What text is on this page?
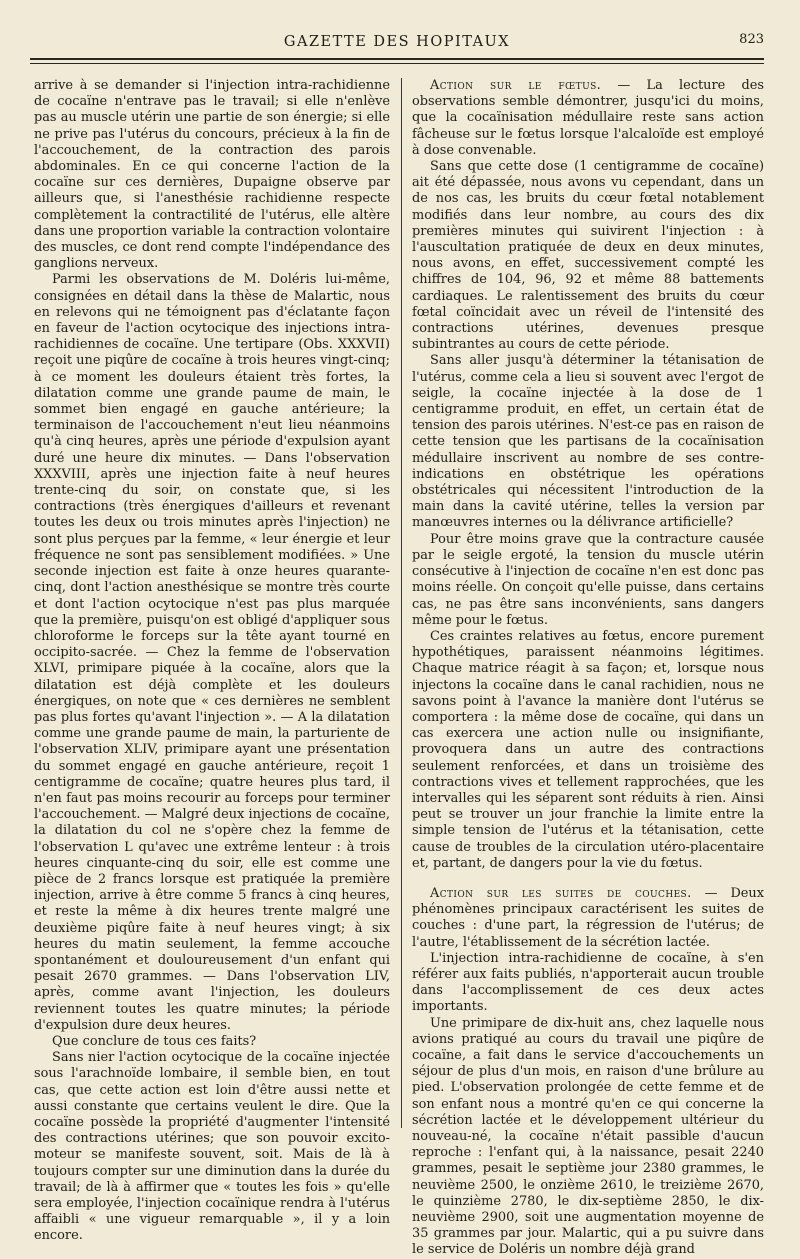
GAZETTE DES HOPITAUX	823

arrive à se demander si l'injection intra-rachidienne de cocaïne n'entrave pas le travail; si elle n'enlève pas au muscle utérin une partie de son énergie; si elle ne prive pas l'utérus du concours, précieux à la fin de l'accouchement, de la contraction des parois abdominales. En ce qui concerne l'action de la cocaïne sur ces dernières, Dupaigne observe par ailleurs que, si l'anesthésie rachidienne respecte complètement la contractilité de l'utérus, elle altère dans une proportion variable la contraction volontaire des muscles, ce dont rend compte l'indépendance des ganglions nerveux.

Parmi les observations de M. Doléris lui-même, consignées en détail dans la thèse de Malartic, nous en relevons qui ne témoignent pas d'éclatante façon en faveur de l'action ocytocique des injections intra-rachidiennes de cocaïne. Une tertipare (Obs. XXXVII) reçoit une piqûre de cocaïne à trois heures vingt-cinq; à ce moment les douleurs étaient très fortes, la dilatation comme une grande paume de main, le sommet bien engagé en gauche antérieure; la terminaison de l'accouchement n'eut lieu néanmoins qu'à cinq heures, après une période d'expulsion ayant duré une heure dix minutes. — Dans l'observation XXXVIII, après une injection faite à neuf heures trente-cinq du soir, on constate que, si les contractions (très énergiques d'ailleurs et revenant toutes les deux ou trois minutes après l'injection) ne sont plus perçues par la femme, « leur énergie et leur fréquence ne sont pas sensiblement modifiées. » Une seconde injection est faite à onze heures quarante-cinq, dont l'action anesthésique se montre très courte et dont l'action ocytocique n'est pas plus marquée que la première, puisqu'on est obligé d'appliquer sous chloroforme le forceps sur la tête ayant tourné en occipito-sacrée. — Chez la femme de l'observation XLVI, primipare piquée à la cocaïne, alors que la dilatation est déjà complète et les douleurs énergiques, on note que « ces dernières ne semblent pas plus fortes qu'avant l'injection ». — A la dilatation comme une grande paume de main, la parturiente de l'observation XLIV, primipare ayant une présentation du sommet engagé en gauche antérieure, reçoit 1 centigramme de cocaïne; quatre heures plus tard, il n'en faut pas moins recourir au forceps pour terminer l'accouchement. — Malgré deux injections de cocaïne, la dilatation du col ne s'opère chez la femme de l'observation L qu'avec une extrême lenteur : à trois heures cinquante-cinq du soir, elle est comme une pièce de 2 francs lorsque est pratiquée la première injection, arrive à être comme 5 francs à cinq heures, et reste la même à dix heures trente malgré une deuxième piqûre faite à neuf heures vingt; à six heures du matin seulement, la femme accouche spontanément et douloureusement d'un enfant qui pesait 2670 grammes. — Dans l'observation LIV, après, comme avant l'injection, les douleurs reviennent toutes les quatre minutes; la période d'expulsion dure deux heures.

Que conclure de tous ces faits?

Sans nier l'action ocytocique de la cocaïne injectée sous l'arachnoïde lombaire, il semble bien, en tout cas, que cette action est loin d'être aussi nette et aussi constante que certains veulent le dire. Que la cocaïne possède la propriété d'augmenter l'intensité des contractions utérines; que son pouvoir excito-moteur se manifeste souvent, soit. Mais de là à toujours compter sur une diminution dans la durée du travail; de là à affirmer que « toutes les fois » qu'elle sera employée, l'injection cocaïnique rendra à l'utérus affaibli « une vigueur remarquable », il y a loin encore.

Action sur le fœtus. — La lecture des observations semble démontrer, jusqu'ici du moins, que la cocaïnisation médullaire reste sans action fâcheuse sur le fœtus lorsque l'alcaloïde est employé à dose convenable.

Sans que cette dose (1 centigramme de cocaïne) ait été dépassée, nous avons vu cependant, dans un de nos cas, les bruits du cœur fœtal notablement modifiés dans leur nombre, au cours des dix premières minutes qui suivirent l'injection : à l'auscultation pratiquée de deux en deux minutes, nous avons, en effet, successivement compté les chiffres de 104, 96, 92 et même 88 battements cardiaques. Le ralentissement des bruits du cœur fœtal coïncidait avec un réveil de l'intensité des contractions utérines, devenues presque subintrantes au cours de cette période.

Sans aller jusqu'à déterminer la tétanisation de l'utérus, comme cela a lieu si souvent avec l'ergot de seigle, la cocaïne injectée à la dose de 1 centigramme produit, en effet, un certain état de tension des parois utérines. N'est-ce pas en raison de cette tension que les partisans de la cocaïnisation médullaire inscrivent au nombre de ses contre-indications en obstétrique les opérations obstétricales qui nécessitent l'introduction de la main dans la cavité utérine, telles la version par manœuvres internes ou la délivrance artificielle?

Pour être moins grave que la contracture causée par le seigle ergoté, la tension du muscle utérin consécutive à l'injection de cocaïne n'en est donc pas moins réelle. On conçoit qu'elle puisse, dans certains cas, ne pas être sans inconvénients, sans dangers même pour le fœtus.

Ces craintes relatives au fœtus, encore purement hypothétiques, paraissent néanmoins légitimes. Chaque matrice réagit à sa façon; et, lorsque nous injectons la cocaïne dans le canal rachidien, nous ne savons point à l'avance la manière dont l'utérus se comportera : la même dose de cocaïne, qui dans un cas exercera une action nulle ou insignifiante, provoquera dans un autre des contractions seulement renforcées, et dans un troisième des contractions vives et tellement rapprochées, que les intervalles qui les séparent sont réduits à rien. Ainsi peut se trouver un jour franchie la limite entre la simple tension de l'utérus et la tétanisation, cette cause de troubles de la circulation utéro-placentaire et, partant, de dangers pour la vie du fœtus.

Action sur les suites de couches. — Deux phénomènes principaux caractérisent les suites de couches : d'une part, la régression de l'utérus; de l'autre, l'établissement de la sécrétion lactée.

L'injection intra-rachidienne de cocaïne, à s'en référer aux faits publiés, n'apporterait aucun trouble dans l'accomplissement de ces deux actes importants.

Une primipare de dix-huit ans, chez laquelle nous avions pratiqué au cours du travail une piqûre de cocaïne, a fait dans le service d'accouchements un séjour de plus d'un mois, en raison d'une brûlure au pied. L'observation prolongée de cette femme et de son enfant nous a montré qu'en ce qui concerne la sécrétion lactée et le développement ultérieur du nouveau-né, la cocaïne n'était passible d'aucun reproche : l'enfant qui, à la naissance, pesait 2240 grammes, pesait le septième jour 2380 grammes, le neuvième 2500, le onzième 2610, le treizième 2670, le quinzième 2780, le dix-septième 2850, le dix-neuvième 2900, soit une augmentation moyenne de 35 grammes par jour. Malartic, qui a pu suivre dans le service de Doléris un nombre déjà grand
